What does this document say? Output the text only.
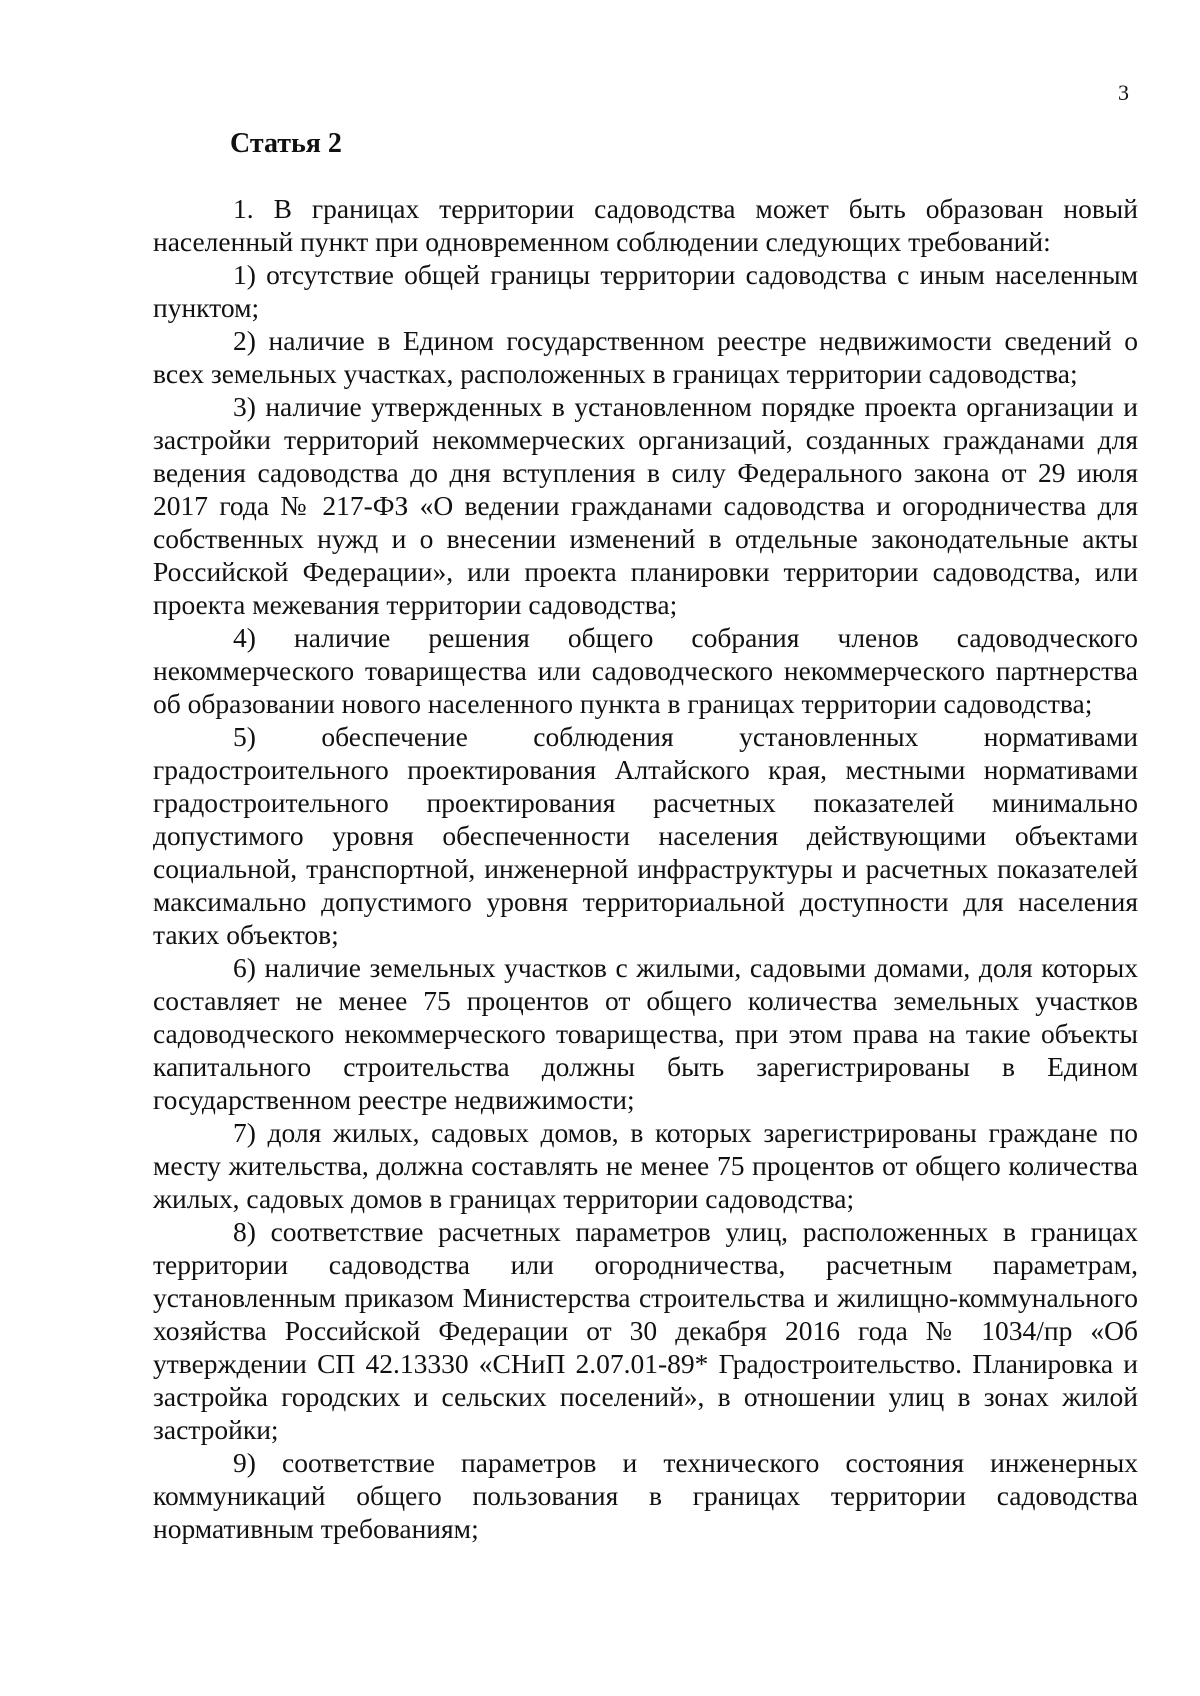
3
Статья 2

1. В границах территории садоводства может быть образован новый населенный пункт при одновременном соблюдении следующих требований:

1) отсутствие общей границы территории садоводства с иным населенным пунктом;

2) наличие в Едином государственном реестре недвижимости сведений о всех земельных участках, расположенных в границах территории садоводства;

3) наличие утвержденных в установленном порядке проекта организации и застройки территорий некоммерческих организаций, созданных гражданами для ведения садоводства до дня вступления в силу Федерального закона от 29 июля 2017 года № 217-ФЗ «О ведении гражданами садоводства и огородничества для собственных нужд и о внесении изменений в отдельные законодательные акты Российской Федерации», или проекта планировки территории садоводства, или проекта межевания территории садоводства;

4) наличие решения общего собрания членов садоводческого некоммерческого товарищества или садоводческого некоммерческого партнерства об образовании нового населенного пункта в границах территории садоводства;

5) обеспечение соблюдения установленных нормативами градостроительного проектирования Алтайского края, местными нормативами градостроительного проектирования расчетных показателей минимально допустимого уровня обеспеченности населения действующими объектами социальной, транспортной, инженерной инфраструктуры и расчетных показателей максимально допустимого уровня территориальной доступности для населения таких объектов;

6) наличие земельных участков с жилыми, садовыми домами, доля которых составляет не менее 75 процентов от общего количества земельных участков садоводческого некоммерческого товарищества, при этом права на такие объекты капитального строительства должны быть зарегистрированы в Едином государственном реестре недвижимости;

7) доля жилых, садовых домов, в которых зарегистрированы граждане по месту жительства, должна составлять не менее 75 процентов от общего количества жилых, садовых домов в границах территории садоводства;

8) соответствие расчетных параметров улиц, расположенных в границах территории садоводства или огородничества, расчетным параметрам, установленным приказом Министерства строительства и жилищно-коммунального хозяйства Российской Федерации от 30 декабря 2016 года № 1034/пр «Об утверждении СП 42.13330 «СНиП 2.07.01-89* Градостроительство. Планировка и застройка городских и сельских поселений», в отношении улиц в зонах жилой застройки;

9) соответствие параметров и технического состояния инженерных коммуникаций общего пользования в границах территории садоводства нормативным требованиям;
